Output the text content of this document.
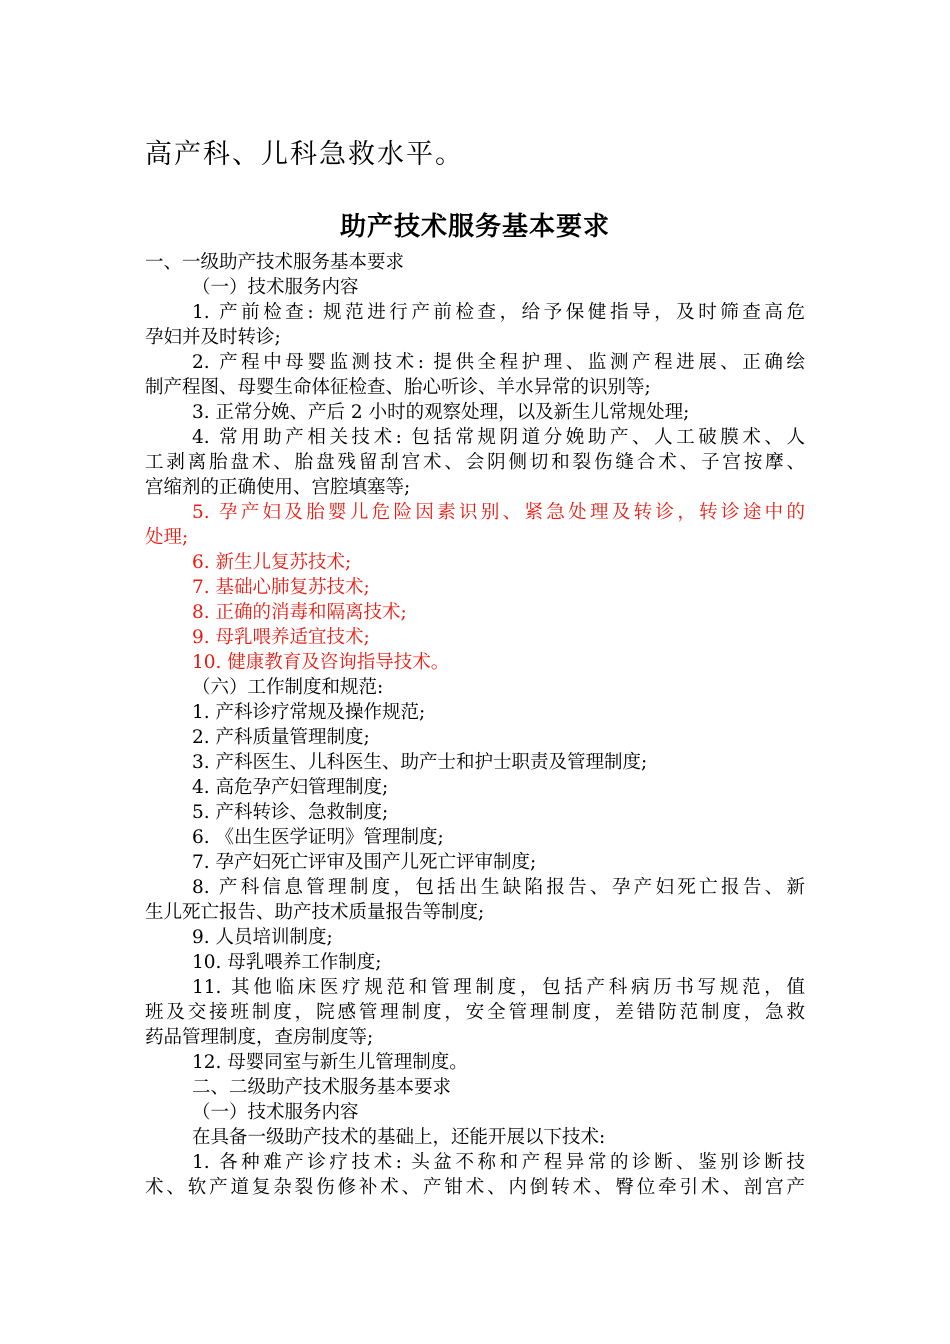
高产科、儿科急救水平。
助产技术服务基本要求
一、一级助产技术服务基本要求
（一）技术服务内容
1. 产前检查: 规范进行产前检查，给予保健指导，及时筛查高危
孕妇并及时转诊;
2. 产程中母婴监测技术: 提供全程护理、监测产程进展、正确绘
制产程图、母婴生命体征检查、胎心听诊、羊水异常的识别等;
3. 正常分娩、产后 2 小时的观察处理，以及新生儿常规处理;
4. 常用助产相关技术: 包括常规阴道分娩助产、人工破膜术、人
工剥离胎盘术、胎盘残留刮宫术、会阴侧切和裂伤缝合术、子宫按摩、
宫缩剂的正确使用、宫腔填塞等;
5. 孕产妇及胎婴儿危险因素识别、紧急处理及转诊，转诊途中的
处理;
6. 新生儿复苏技术;
7. 基础心肺复苏技术;
8. 正确的消毒和隔离技术;
9. 母乳喂养适宜技术;
10. 健康教育及咨询指导技术。
（六）工作制度和规范:
1. 产科诊疗常规及操作规范;
2. 产科质量管理制度;
3. 产科医生、儿科医生、助产士和护士职责及管理制度;
4. 高危孕产妇管理制度;
5. 产科转诊、急救制度;
6. 《出生医学证明》管理制度;
7. 孕产妇死亡评审及围产儿死亡评审制度;
8. 产科信息管理制度，包括出生缺陷报告、孕产妇死亡报告、新
生儿死亡报告、助产技术质量报告等制度;
9. 人员培训制度;
10. 母乳喂养工作制度;
11. 其他临床医疗规范和管理制度，包括产科病历书写规范，值
班及交接班制度，院感管理制度，安全管理制度，差错防范制度，急救
药品管理制度，查房制度等;
12. 母婴同室与新生儿管理制度。
二、二级助产技术服务基本要求
（一）技术服务内容
在具备一级助产技术的基础上，还能开展以下技术:
1. 各种难产诊疗技术: 头盆不称和产程异常的诊断、鉴别诊断技
术、软产道复杂裂伤修补术、产钳术、内倒转术、臀位牵引术、剖宫产
